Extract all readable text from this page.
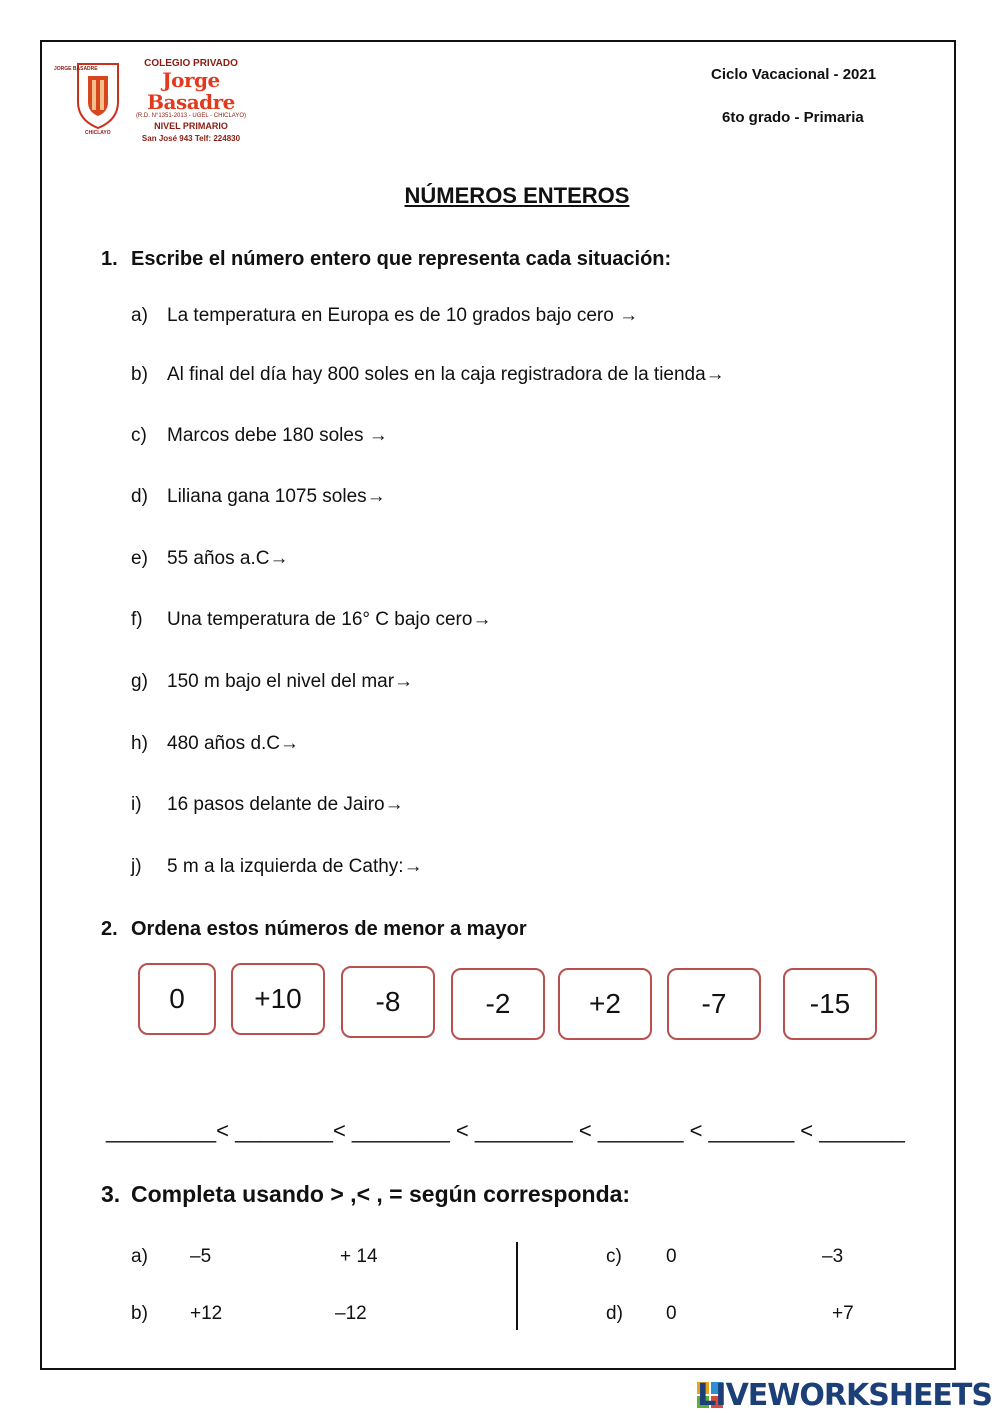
COLEGIO PRIVADO
Jorge Basadre
(R.D. N°1351-2013 - UGEL - CHICLAYO)
NIVEL PRIMARIO
San José 943 Telf: 224830
JORGE BASADRE
CHICLAYO
Ciclo Vacacional - 2021
6to grado - Primaria
NÚMEROS ENTEROS
1. Escribe el número entero que representa cada situación:
a) La temperatura en Europa es de 10 grados bajo cero →
b) Al final del día hay 800 soles en la caja registradora de la tienda→
c) Marcos debe 180 soles →
d) Liliana gana 1075 soles→
e) 55 años a.C→
f) Una temperatura de 16° C bajo cero→
g) 150 m bajo el nivel del mar→
h) 480 años d.C→
i) 16 pasos delante de Jairo→
j) 5 m a la izquierda de Cathy:→
2. Ordena estos números de menor a mayor
0	+10	-8	-2	+2	-7	-15
_________< ________< ________ < ________ < _______ < _______ < _______
3. Completa usando > ,< , = según corresponda:
a) –5	+ 14
b) +12	–12
c) 0	–3
d) 0	+7
LIVEWORKSHEETS
